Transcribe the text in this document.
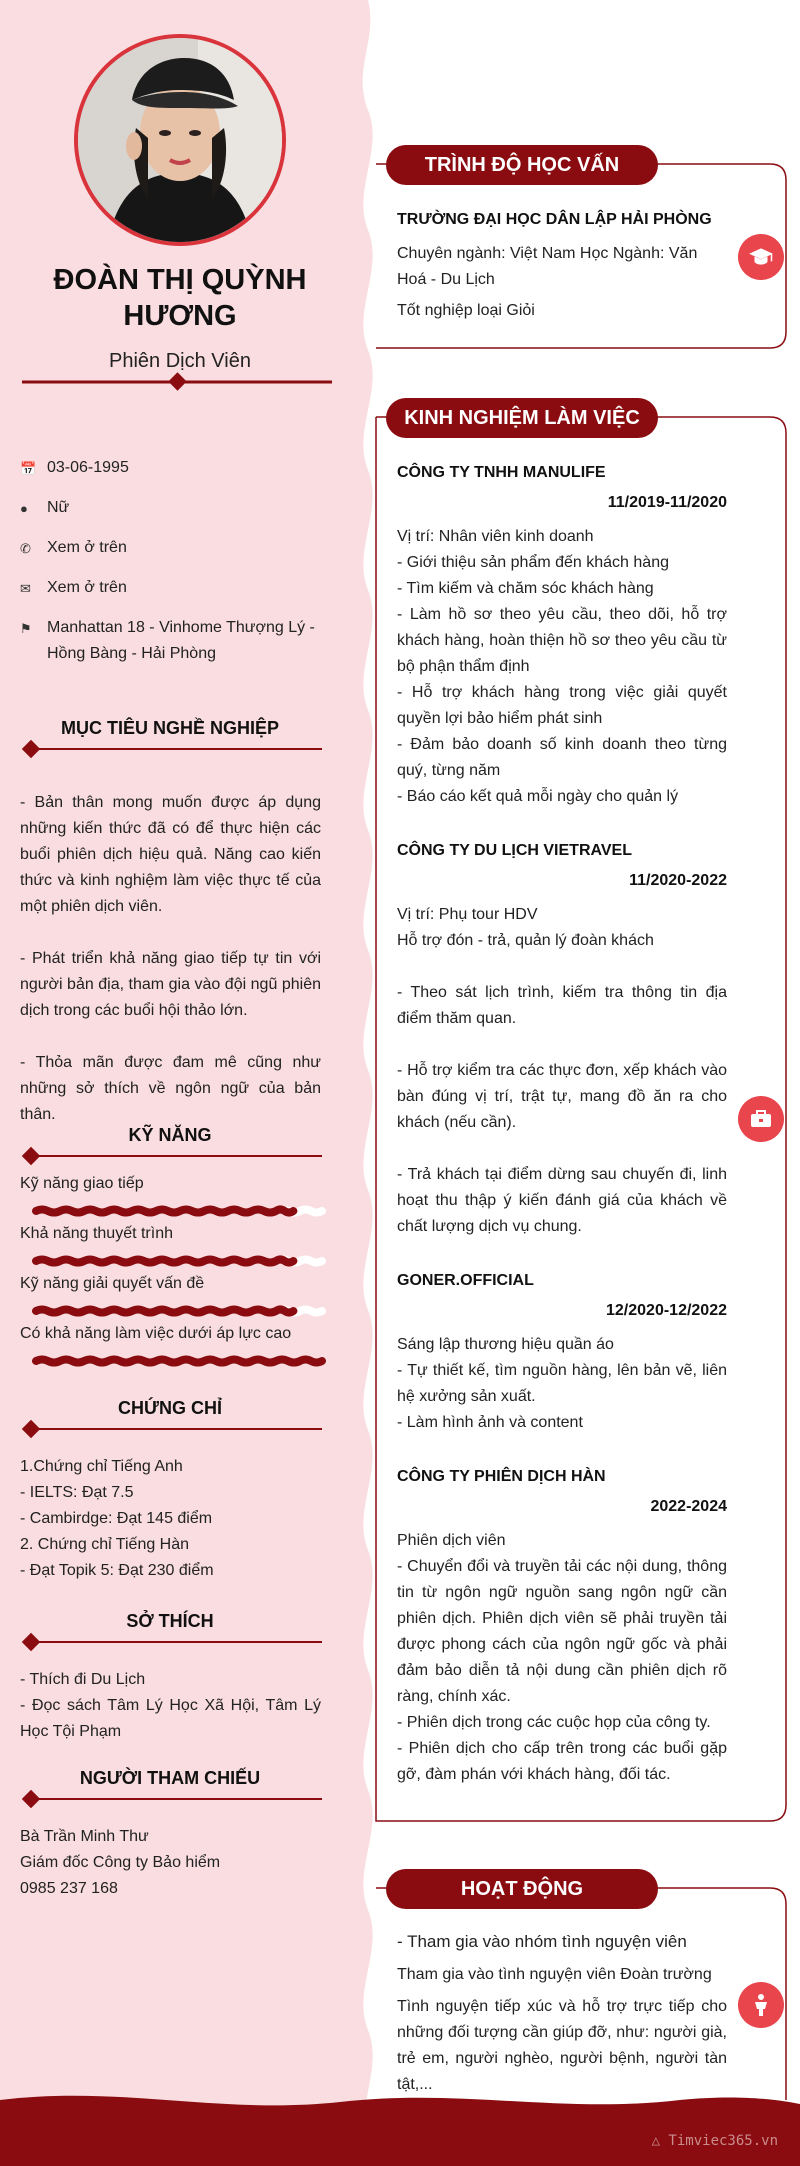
ĐOÀN THỊ QUỲNH HƯƠNG
Phiên Dịch Viên
📅 03-06-1995
●	Nữ
✆	Xem ở trên
✉	Xem ở trên
⚑ Manhattan 18 - Vinhome Thượng Lý - Hồng Bàng - Hải Phòng
MỤC TIÊU NGHỀ NGHIỆP
- Bản thân mong muốn được áp dụng những kiến thức đã có để thực hiện các buổi phiên dịch hiệu quả. Năng cao kiến thức và kinh nghiệm làm việc thực tế của một phiên dịch viên.
- Phát triển khả năng giao tiếp tự tin với người bản địa, tham gia vào đội ngũ phiên dịch trong các buổi hội thảo lớn.
- Thỏa mãn được đam mê cũng như những sở thích về ngôn ngữ của bản thân.
KỸ NĂNG
Kỹ năng giao tiếp
Khả năng thuyết trình
Kỹ năng giải quyết vấn đề
Có khả năng làm việc dưới áp lực cao
CHỨNG CHỈ
1.Chứng chỉ Tiếng Anh
- IELTS: Đạt 7.5
- Cambirdge: Đạt 145 điểm
2. Chứng chỉ Tiếng Hàn
- Đạt Topik 5: Đạt 230 điểm
SỞ THÍCH
- Thích đi Du Lịch
- Đọc sách Tâm Lý Học Xã Hội, Tâm Lý Học Tội Phạm
NGƯỜI THAM CHIẾU
Bà Trần Minh Thư
Giám đốc Công ty Bảo hiểm
0985 237 168
TRÌNH ĐỘ HỌC VẤN
TRƯỜNG ĐẠI HỌC DÂN LẬP HẢI PHÒNG
Chuyên ngành: Việt Nam Học Ngành: Văn Hoá - Du Lịch
Tốt nghiệp loại Giỏi
KINH NGHIỆM LÀM VIỆC
CÔNG TY TNHH MANULIFE
11/2019-11/2020
Vị trí: Nhân viên kinh doanh
- Giới thiệu sản phẩm đến khách hàng
- Tìm kiếm và chăm sóc khách hàng
- Làm hồ sơ theo yêu cầu, theo dõi, hỗ trợ khách hàng, hoàn thiện hồ sơ theo yêu cầu từ bộ phận thẩm định
- Hỗ trợ khách hàng trong việc giải quyết quyền lợi bảo hiểm phát sinh
- Đảm bảo doanh số kinh doanh theo từng quý, từng năm
- Báo cáo kết quả mỗi ngày cho quản lý
CÔNG TY DU LỊCH VIETRAVEL
11/2020-2022
Vị trí: Phụ tour HDV
Hỗ trợ đón - trả, quản lý đoàn khách

- Theo sát lịch trình, kiếm tra thông tin địa điểm thăm quan.

- Hỗ trợ kiểm tra các thực đơn, xếp khách vào bàn đúng vị trí, trật tự, mang đồ ăn ra cho khách (nếu cần).

- Trả khách tại điểm dừng sau chuyến đi, linh hoạt thu thập ý kiến đánh giá của khách về chất lượng dịch vụ chung.
GONER.OFFICIAL
12/2020-12/2022
Sáng lập thương hiệu quần áo
- Tự thiết kế, tìm nguồn hàng, lên bản vẽ, liên hệ xưởng sản xuất.
- Làm hình ảnh và content
CÔNG TY PHIÊN DỊCH HÀN
2022-2024
Phiên dịch viên
- Chuyển đổi và truyền tải các nội dung, thông tin từ ngôn ngữ nguồn sang ngôn ngữ cần phiên dịch. Phiên dịch viên sẽ phải truyền tải được phong cách của ngôn ngữ gốc và phải đảm bảo diễn tả nội dung cần phiên dịch rõ ràng, chính xác.
- Phiên dịch trong các cuộc họp của công ty.
- Phiên dịch cho cấp trên trong các buổi gặp gỡ, đàm phán với khách hàng, đối tác.
HOẠT ĐỘNG
- Tham gia vào nhóm tình nguyện viên
Tham gia vào tình nguyện viên Đoàn trường
Tình nguyện tiếp xúc và hỗ trợ trực tiếp cho những đối tượng cần giúp đỡ, như: người già, trẻ em, người nghèo, người bệnh, người tàn tật,...
△ Timviec365.vn
